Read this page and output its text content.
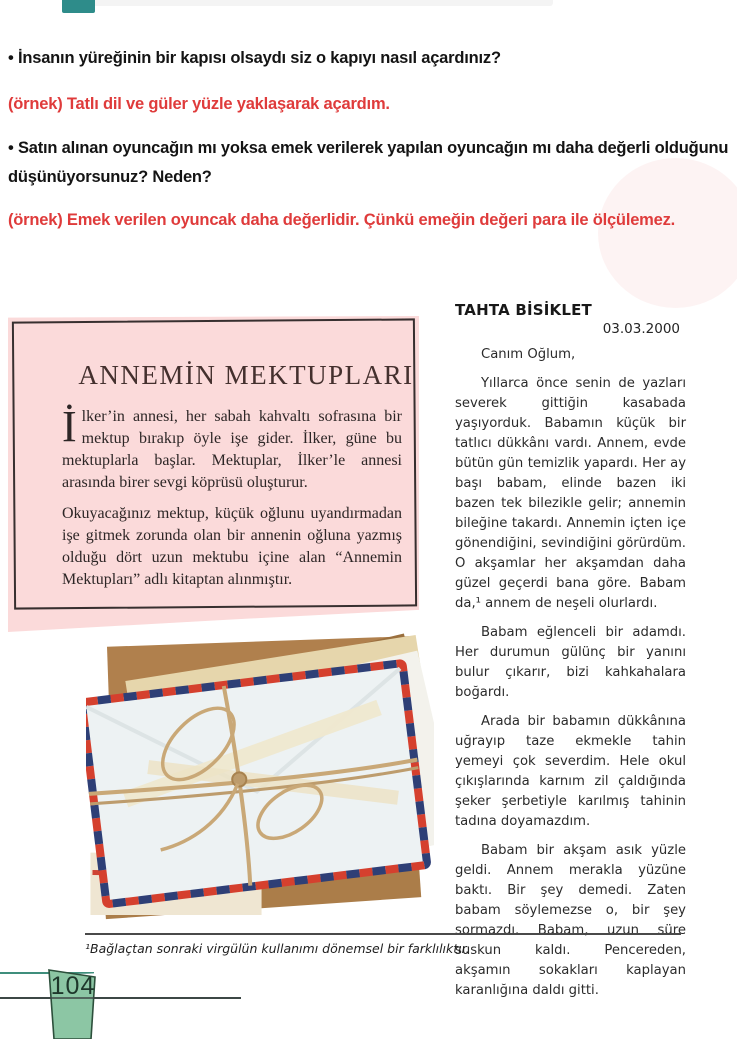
• İnsanın yüreğinin bir kapısı olsaydı siz o kapıyı nasıl açardınız?
(örnek) Tatlı dil ve güler yüzle yaklaşarak açardım.
• Satın alınan oyuncağın mı yoksa emek verilerek yapılan oyuncağın mı daha değerli olduğunu düşünüyorsunuz? Neden?
(örnek) Emek verilen oyuncak daha değerlidir. Çünkü emeğin değeri para ile ölçülemez.
ANNEMİN MEKTUPLARI

İlker’in annesi, her sabah kahvaltı sofrasına bir mektup bırakıp öyle işe gider. İlker, güne bu mektuplarla başlar. Mektuplar, İlker’le annesi arasında birer sevgi köprüsü oluşturur.

Okuyacağınız mektup, küçük oğlunu uyandırmadan işe gitmek zorunda olan bir annenin oğluna yazmış olduğu dört uzun mektubu içine alan “Annemin Mektupları” adlı kitaptan alınmıştır.

TAHTA BİSİKLET

03.03.2000

Canım Oğlum,

Yıllarca önce senin de yazları severek gittiğin kasabada yaşıyorduk. Babamın küçük bir tatlıcı dükkânı vardı. Annem, evde bütün gün temizlik yapardı. Her ay başı babam, elinde bazen iki bazen tek bilezikle gelir; annemin bileğine takardı. Annemin içten içe gönendiğini, sevindiğini görürdüm. O akşamlar her akşamdan daha güzel geçerdi bana göre. Babam da,¹ annem de neşeli olurlardı.

Babam eğlenceli bir adamdı. Her durumun gülünç bir yanını bulur çıkarır, bizi kahkahalara boğardı.

Arada bir babamın dükkânına uğrayıp taze ekmekle tahin yemeyi çok severdim. Hele okul çıkışlarında karnım zil çaldığında şeker şerbetiyle karılmış tahinin tadına doyamazdım.

Babam bir akşam asık yüzle geldi. Annem merakla yüzüne baktı. Bir şey demedi. Zaten babam söylemezse o, bir şey sormazdı. Babam, uzun süre suskun kaldı. Pencereden, akşamın sokakları kaplayan karanlığına daldı gitti.

¹Bağlaçtan sonraki virgülün kullanımı dönemsel bir farklılıktır.
104
